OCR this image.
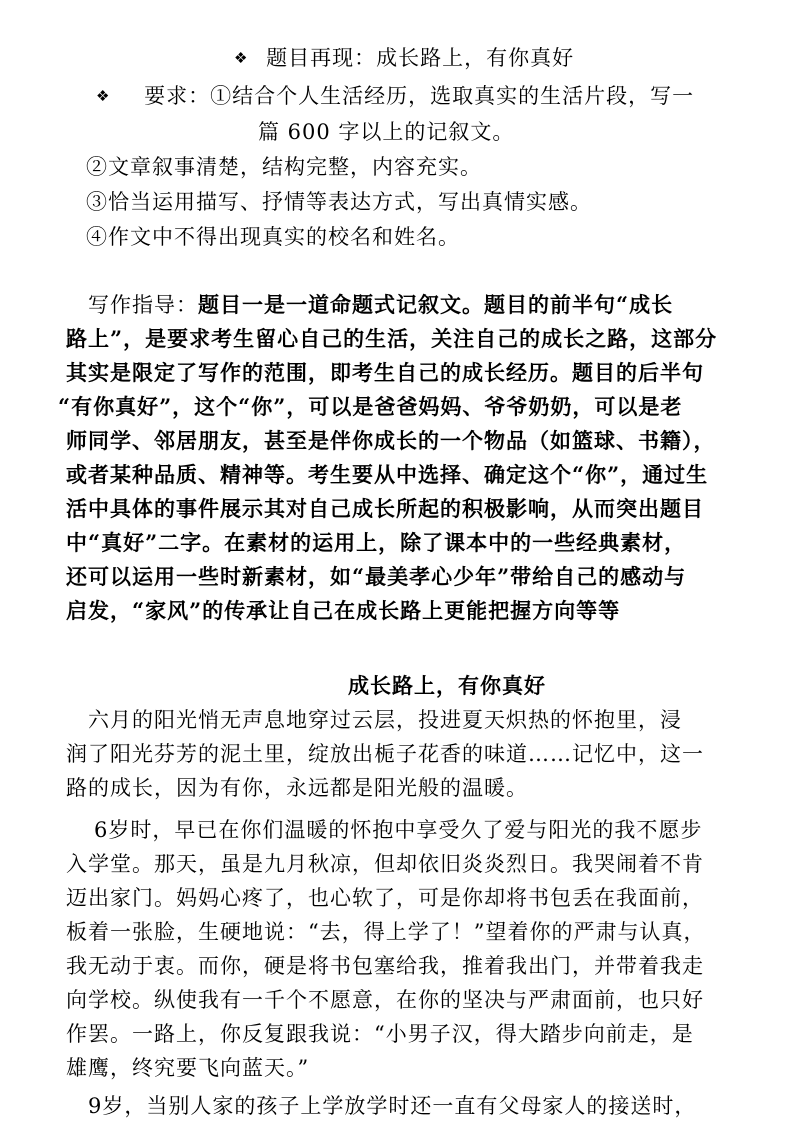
❖ 题目再现：成长路上，有你真好
❖ 要求：①结合个人生活经历，选取真实的生活片段，写一
篇 600 字以上的记叙文。
②文章叙事清楚，结构完整，内容充实。
③恰当运用描写、抒情等表达方式，写出真情实感。
④作文中不得出现真实的校名和姓名。
写作指导：题目一是一道命题式记叙文。题目的前半句“成长
路上”，是要求考生留心自己的生活，关注自己的成长之路，这部分
其实是限定了写作的范围，即考生自己的成长经历。题目的后半句
“有你真好”，这个“你”，可以是爸爸妈妈、爷爷奶奶，可以是老
师同学、邻居朋友，甚至是伴你成长的一个物品（如篮球、书籍），
或者某种品质、精神等。考生要从中选择、确定这个“你”，通过生
活中具体的事件展示其对自己成长所起的积极影响，从而突出题目
中“真好”二字。在素材的运用上，除了课本中的一些经典素材，
还可以运用一些时新素材，如“最美孝心少年”带给自己的感动与
启发，“家风”的传承让自己在成长路上更能把握方向等等
成长路上，有你真好
六月的阳光悄无声息地穿过云层，投进夏天炽热的怀抱里，浸
润了阳光芬芳的泥土里，绽放出栀子花香的味道……记忆中，这一
路的成长，因为有你，永远都是阳光般的温暖。
6岁时，早已在你们温暖的怀抱中享受久了爱与阳光的我不愿步
入学堂。那天，虽是九月秋凉，但却依旧炎炎烈日。我哭闹着不肯
迈出家门。妈妈心疼了，也心软了，可是你却将书包丢在我面前，
板着一张脸，生硬地说：“去，得上学了！”望着你的严肃与认真，
我无动于衷。而你，硬是将书包塞给我，推着我出门，并带着我走
向学校。纵使我有一千个不愿意，在你的坚决与严肃面前，也只好
作罢。一路上，你反复跟我说：“小男子汉，得大踏步向前走，是
雄鹰，终究要飞向蓝天。”
9岁，当别人家的孩子上学放学时还一直有父母家人的接送时，
